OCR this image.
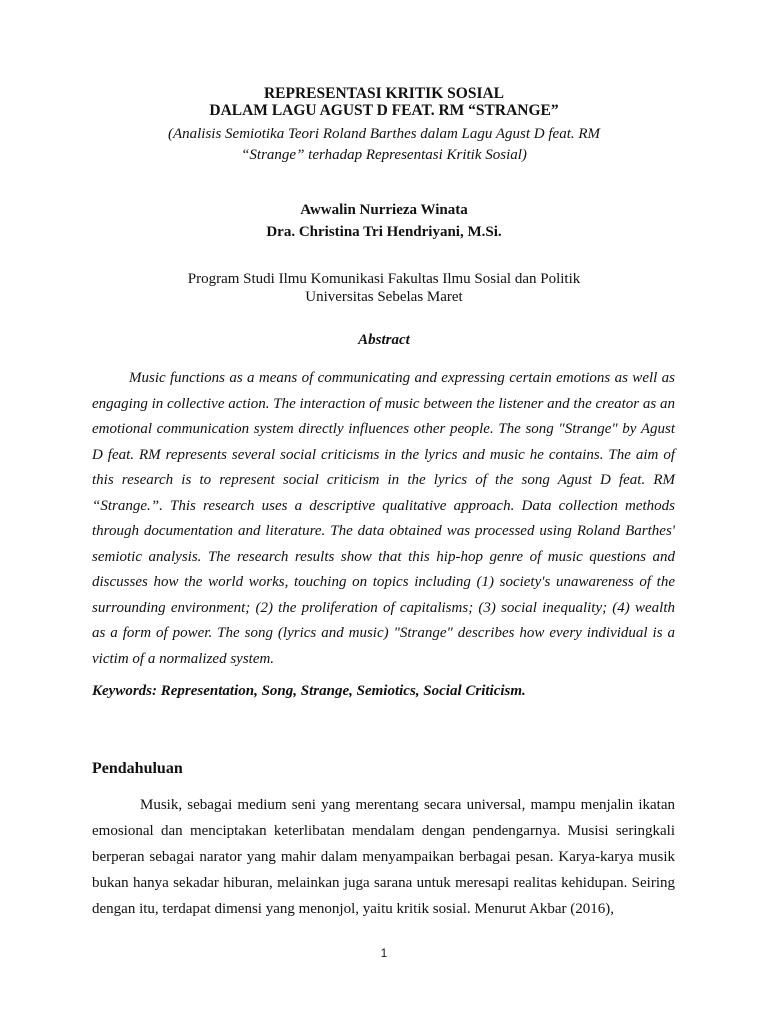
REPRESENTASI KRITIK SOSIAL
DALAM LAGU AGUST D FEAT. RM “STRANGE”
(Analisis Semiotika Teori Roland Barthes dalam Lagu Agust D feat. RM
“Strange” terhadap Representasi Kritik Sosial)
Awwalin Nurrieza Winata
Dra. Christina Tri Hendriyani, M.Si.
Program Studi Ilmu Komunikasi Fakultas Ilmu Sosial dan Politik
Universitas Sebelas Maret
Abstract

Music functions as a means of communicating and expressing certain emotions as well as engaging in collective action. The interaction of music between the listener and the creator as an emotional communication system directly influences other people. The song "Strange" by Agust D feat. RM represents several social criticisms in the lyrics and music he contains. The aim of this research is to represent social criticism in the lyrics of the song Agust D feat. RM “Strange.”. This research uses a descriptive qualitative approach. Data collection methods through documentation and literature. The data obtained was processed using Roland Barthes' semiotic analysis. The research results show that this hip-hop genre of music questions and discusses how the world works, touching on topics including (1) society's unawareness of the surrounding environment; (2) the proliferation of capitalisms; (3) social inequality; (4) wealth as a form of power. The song (lyrics and music) "Strange" describes how every individual is a victim of a normalized system.

Keywords: Representation, Song, Strange, Semiotics, Social Criticism.
Pendahuluan

Musik, sebagai medium seni yang merentang secara universal, mampu menjalin ikatan emosional dan menciptakan keterlibatan mendalam dengan pendengarnya. Musisi seringkali berperan sebagai narator yang mahir dalam menyampaikan berbagai pesan. Karya-karya musik bukan hanya sekadar hiburan, melainkan juga sarana untuk meresapi realitas kehidupan. Seiring dengan itu, terdapat dimensi yang menonjol, yaitu kritik sosial. Menurut Akbar (2016),

1
